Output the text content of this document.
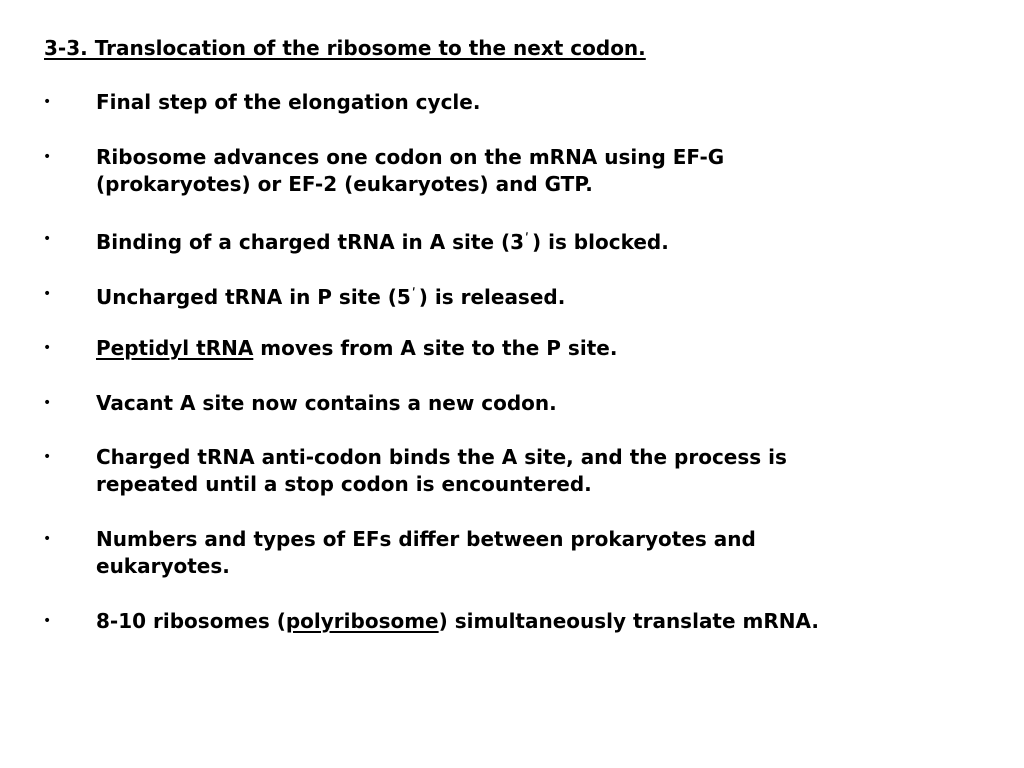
3-3. Translocation of the ribosome to the next codon.
• Final step of the elongation cycle.
• Ribosome advances one codon on the mRNA using EF-G
(prokaryotes) or EF-2 (eukaryotes) and GTP.
• Binding of a charged tRNA in A site ($3^ʹ$ ) is blocked.
• Uncharged tRNA in P site ($5^ʹ$ ) is released.
• Peptidyl tRNA moves from A site to the P site.
• Vacant A site now contains a new codon.
• Charged tRNA anti-codon binds the A site, and the process is
repeated until a stop codon is encountered.
• Numbers and types of EFs differ between prokaryotes and
eukaryotes.
• 8-10 ribosomes (polyribosome) simultaneously translate mRNA.
